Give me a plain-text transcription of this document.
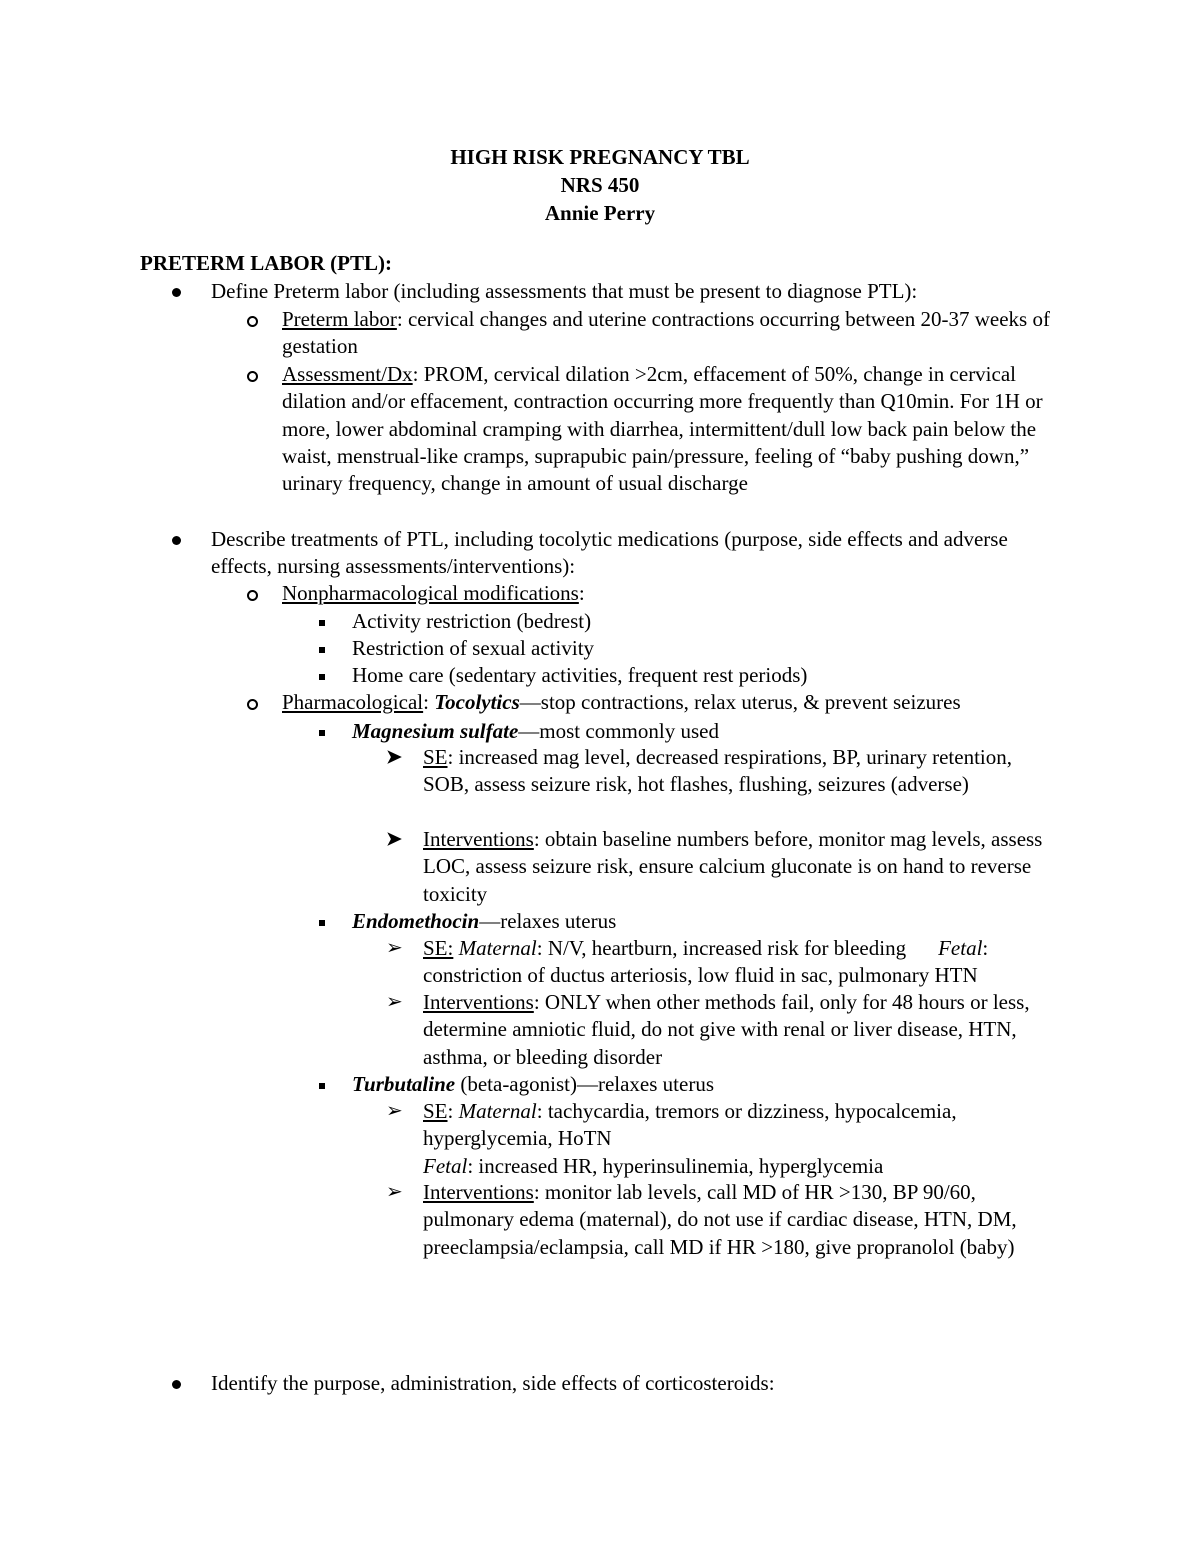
HIGH RISK PREGNANCY TBL
NRS 450
Annie Perry
PRETERM LABOR (PTL):
Define Preterm labor (including assessments that must be present to diagnose PTL):
Preterm labor: cervical changes and uterine contractions occurring between 20-37 weeks of gestation
Assessment/Dx: PROM, cervical dilation >2cm, effacement of 50%, change in cervical dilation and/or effacement, contraction occurring more frequently than Q10min. For 1H or more, lower abdominal cramping with diarrhea, intermittent/dull low back pain below the waist, menstrual-like cramps, suprapubic pain/pressure, feeling of “baby pushing down,” urinary frequency, change in amount of usual discharge
Describe treatments of PTL, including tocolytic medications (purpose, side effects and adverse effects, nursing assessments/interventions):
Nonpharmacological modifications:
Activity restriction (bedrest)
Restriction of sexual activity
Home care (sedentary activities, frequent rest periods)
Pharmacological: Tocolytics—stop contractions, relax uterus, & prevent seizures
Magnesium sulfate—most commonly used
➤ SE: increased mag level, decreased respirations, BP, urinary retention, SOB, assess seizure risk, hot flashes, flushing, seizures (adverse)
➤ Interventions: obtain baseline numbers before, monitor mag levels, assess LOC, assess seizure risk, ensure calcium gluconate is on hand to reverse toxicity
Endomethocin—relaxes uterus
➢ SE: Maternal: N/V, heartburn, increased risk for bleeding Fetal: constriction of ductus arteriosis, low fluid in sac, pulmonary HTN
➢ Interventions: ONLY when other methods fail, only for 48 hours or less, determine amniotic fluid, do not give with renal or liver disease, HTN, asthma, or bleeding disorder
Turbutaline (beta-agonist)—relaxes uterus
➢ SE: Maternal: tachycardia, tremors or dizziness, hypocalcemia, hyperglycemia, HoTN
Fetal: increased HR, hyperinsulinemia, hyperglycemia
➢ Interventions: monitor lab levels, call MD of HR >130, BP 90/60, pulmonary edema (maternal), do not use if cardiac disease, HTN, DM, preeclampsia/eclampsia, call MD if HR >180, give propranolol (baby)
Identify the purpose, administration, side effects of corticosteroids:
